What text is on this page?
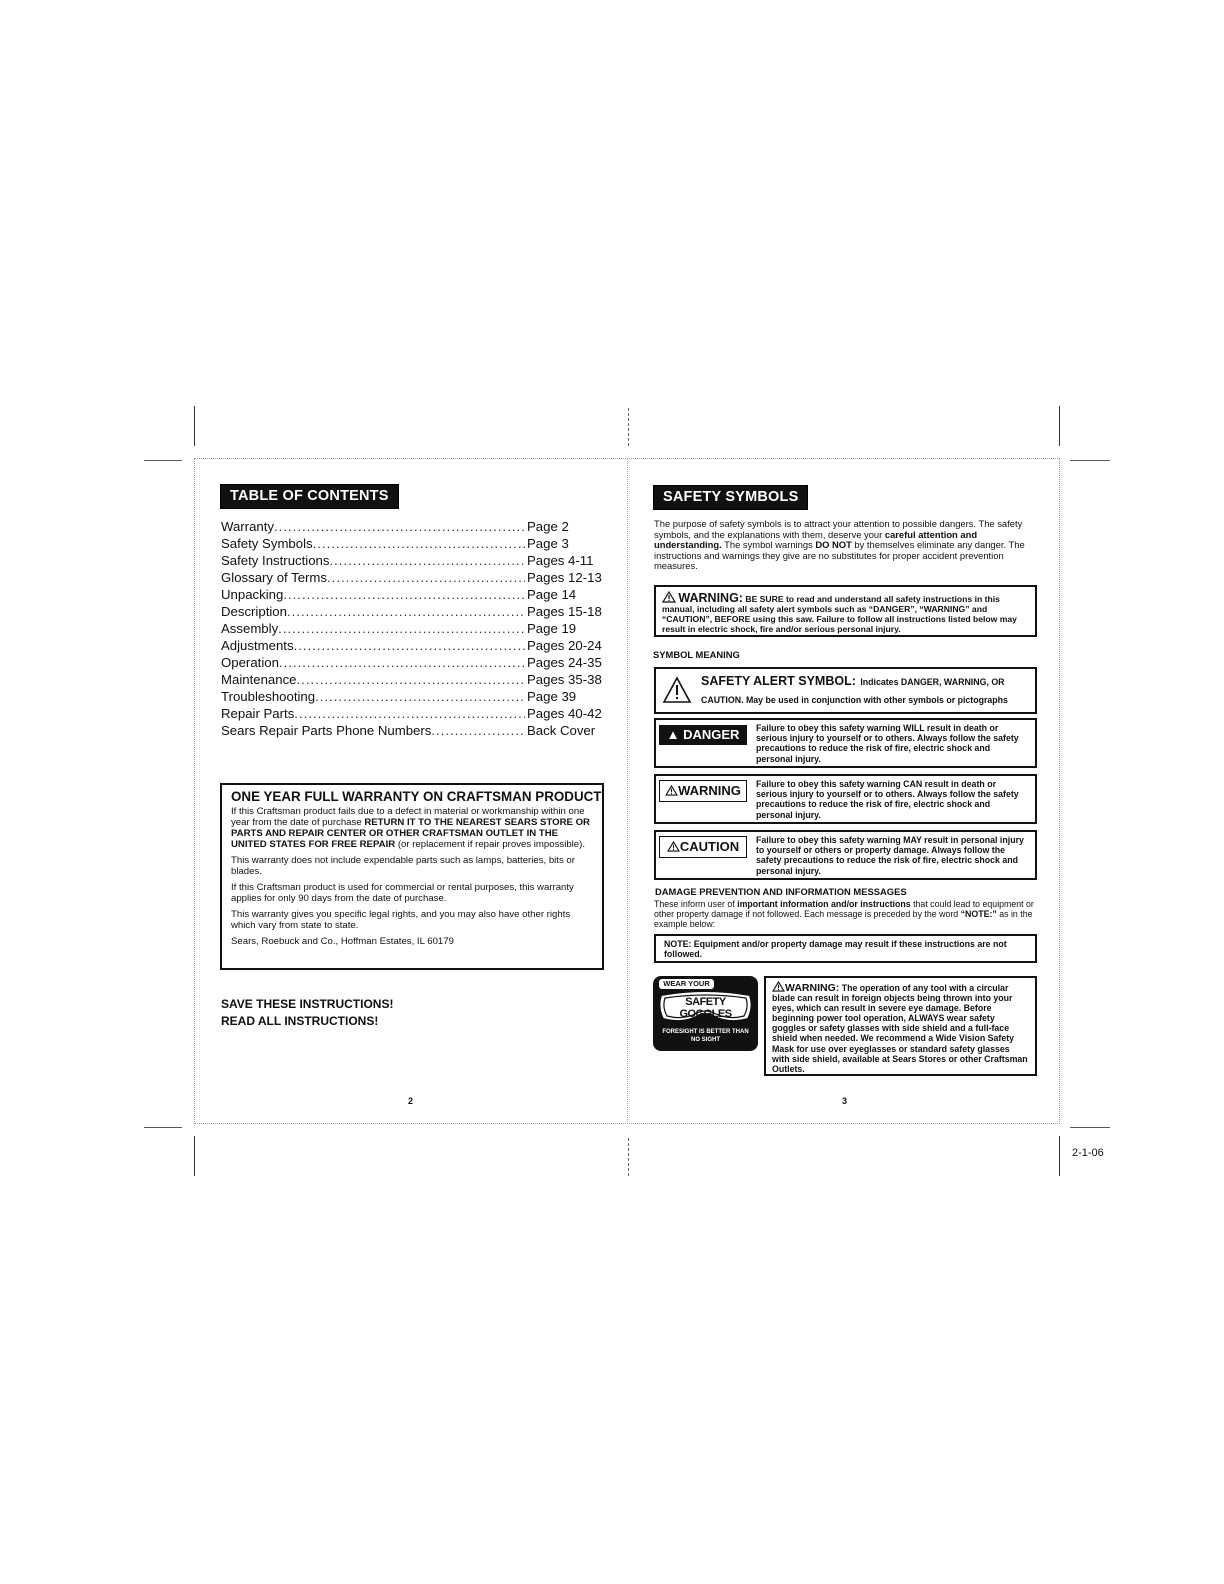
TABLE OF CONTENTS
Warranty .....	Page 2
Safety Symbols .....	Page 3
Safety Instructions .....	Pages 4-11
Glossary of Terms .....	Pages 12-13
Unpacking .....	Page 14
Description .....	Pages 15-18
Assembly .....	Page 19
Adjustments .....	Pages 20-24
Operation .....	Pages 24-35
Maintenance .....	Pages 35-38
Troubleshooting .....	Page 39
Repair Parts .....	Pages 40-42
Sears Repair Parts Phone Numbers .....	Back Cover
ONE YEAR FULL WARRANTY ON CRAFTSMAN PRODUCT

If this Craftsman product fails due to a defect in material or workmanship within one year from the date of purchase RETURN IT TO THE NEAREST SEARS STORE OR PARTS AND REPAIR CENTER OR OTHER CRAFTSMAN OUTLET IN THE UNITED STATES FOR FREE REPAIR (or replacement if repair proves impossible).

This warranty does not include expendable parts such as lamps, batteries, bits or blades.

If this Craftsman product is used for commercial or rental purposes, this warranty applies for only 90 days from the date of purchase.

This warranty gives you specific legal rights, and you may also have other rights which vary from state to state.

Sears, Roebuck and Co., Hoffman Estates, IL 60179

SAVE THESE INSTRUCTIONS!
READ ALL INSTRUCTIONS!
2
SAFETY SYMBOLS
The purpose of safety symbols is to attract your attention to possible dangers. The safety symbols, and the explanations with them, deserve your careful attention and understanding. The symbol warnings DO NOT by themselves eliminate any danger. The instructions and warnings they give are no substitutes for proper accident prevention measures.
WARNING: BE SURE to read and understand all safety instructions in this manual, including all safety alert symbols such as “DANGER”, “WARNING” and “CAUTION”, BEFORE using this saw. Failure to follow all instructions listed below may result in electric shock, fire and/or serious personal injury.
SYMBOL MEANING
SAFETY ALERT SYMBOL: Indicates DANGER, WARNING, OR CAUTION. May be used in conjunction with other symbols or pictographs
▲ DANGER	Failure to obey this safety warning WILL result in death or serious injury to yourself or to others. Always follow the safety precautions to reduce the risk of fire, electric shock and personal injury.
WARNING	Failure to obey this safety warning CAN result in death or serious injury to yourself or to others. Always follow the safety precautions to reduce the risk of fire, electric shock and personal injury.
CAUTION	Failure to obey this safety warning MAY result in personal injury to yourself or others or property damage. Always follow the safety precautions to reduce the risk of fire, electric shock and personal injury.
DAMAGE PREVENTION AND INFORMATION MESSAGES
These inform user of important information and/or instructions that could lead to equipment or other property damage if not followed. Each message is preceded by the word “NOTE:” as in the example below:
NOTE: Equipment and/or property damage may result if these instructions are not followed.
WEAR YOUR
SAFETY GOGGLES
FORESIGHT IS BETTER THAN
NO SIGHT
WARNING: The operation of any tool with a circular blade can result in foreign objects being thrown into your eyes, which can result in severe eye damage. Before beginning power tool operation, ALWAYS wear safety goggles or safety glasses with side shield and a full-face shield when needed. We recommend a Wide Vision Safety Mask for use over eyeglasses or standard safety glasses with side shield, available at Sears Stores or other Craftsman Outlets.
3
2-1-06
